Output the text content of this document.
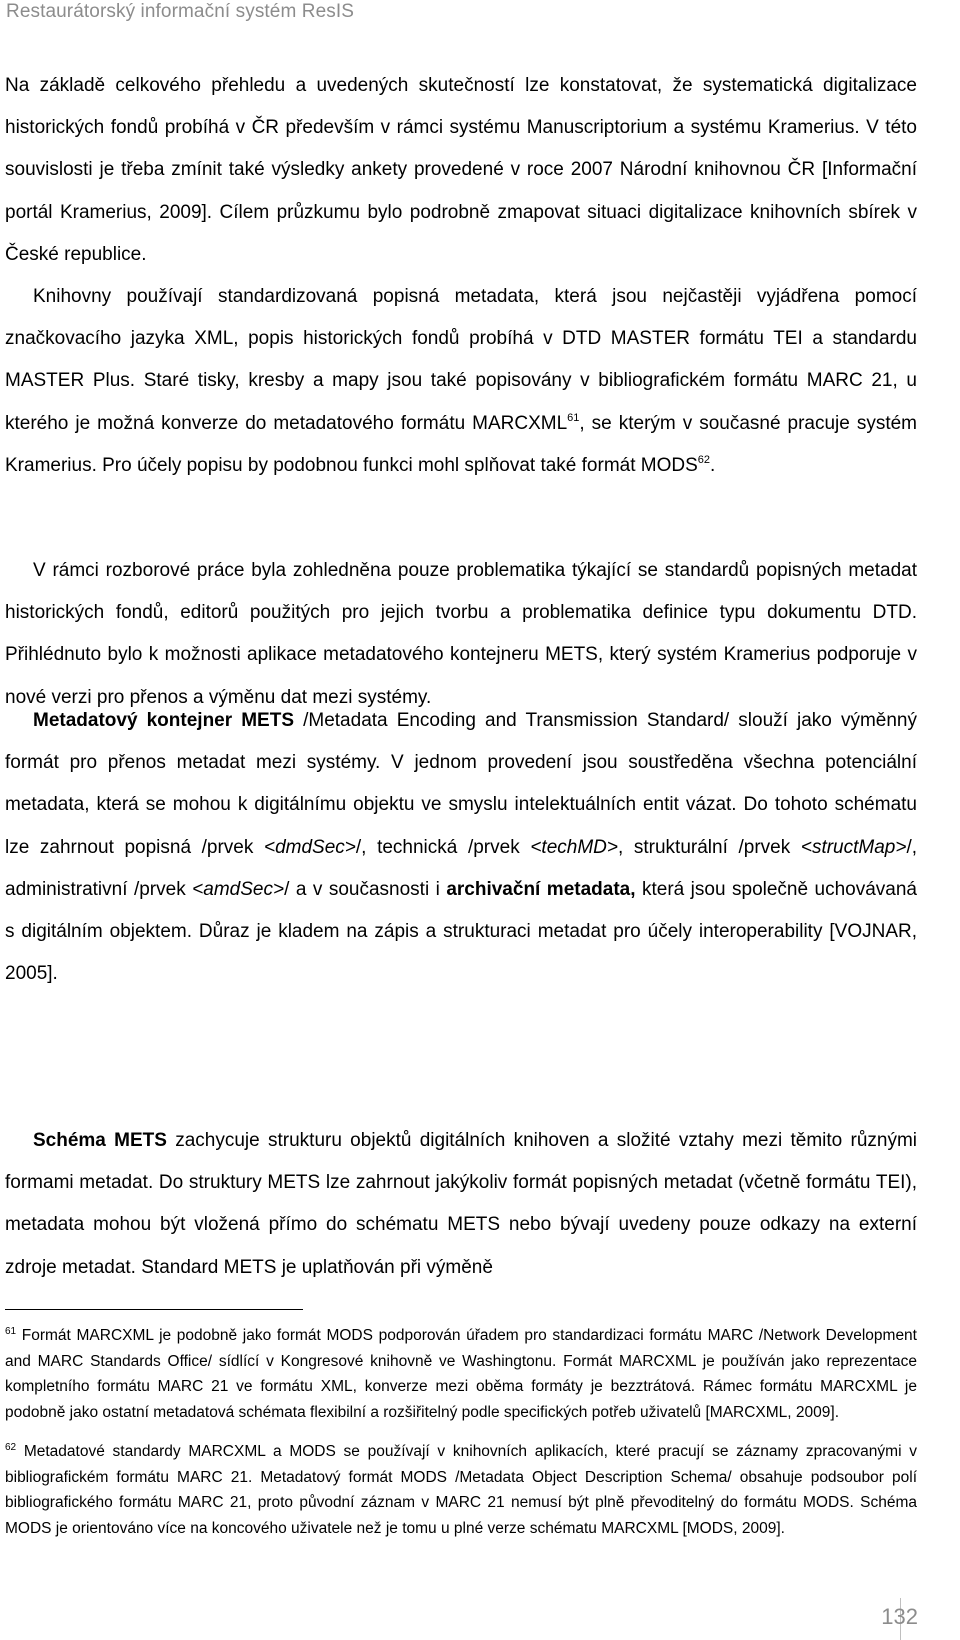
Restaurátorský informační systém ResIS

Na základě celkového přehledu a uvedených skutečností lze konstatovat, že systematická digitalizace historických fondů probíhá v ČR především v rámci systému Manuscriptorium a systému Kramerius. V této souvislosti je třeba zmínit také výsledky ankety provedené v roce 2007 Národní knihovnou ČR [Informační portál Kramerius, 2009]. Cílem průzkumu bylo podrobně zmapovat situaci digitalizace knihovních sbírek v České republice.

Knihovny používají standardizovaná popisná metadata, která jsou nejčastěji vyjádřena pomocí značkovacího jazyka XML, popis historických fondů probíhá v DTD MASTER formátu TEI a standardu MASTER Plus. Staré tisky, kresby a mapy jsou také popisovány v bibliografickém formátu MARC 21, u kterého je možná konverze do metadatového formátu MARCXML$^{61}$, se kterým v současné pracuje systém Kramerius. Pro účely popisu by podobnou funkci mohl splňovat také formát MODS$^{62}$.

V rámci rozborové práce byla zohledněna pouze problematika týkající se standardů popisných metadat historických fondů, editorů použitých pro jejich tvorbu a problematika definice typu dokumentu DTD. Přihlédnuto bylo k možnosti aplikace metadatového kontejneru METS, který systém Kramerius podporuje v nové verzi pro přenos a výměnu dat mezi systémy.

Metadatový kontejner METS /Metadata Encoding and Transmission Standard/ slouží jako výměnný formát pro přenos metadat mezi systémy. V jednom provedení jsou soustředěna všechna potenciální metadata, která se mohou k digitálnímu objektu ve smyslu intelektuálních entit vázat. Do tohoto schématu lze zahrnout popisná /prvek <dmdSec>/, technická /prvek <techMD>, strukturální /prvek <structMap>/, administrativní /prvek <amdSec>/ a v současnosti i archivační metadata, která jsou společně uchovávaná s digitálním objektem. Důraz je kladem na zápis a strukturaci metadat pro účely interoperability [VOJNAR, 2005].

Schéma METS zachycuje strukturu objektů digitálních knihoven a složité vztahy mezi těmito různými formami metadat. Do struktury METS lze zahrnout jakýkoliv formát popisných metadat (včetně formátu TEI), metadata mohou být vložená přímo do schématu METS nebo bývají uvedeny pouze odkazy na externí zdroje metadat. Standard METS je uplatňován při výměně

$^{61}$ Formát MARCXML je podobně jako formát MODS podporován úřadem pro standardizaci formátu MARC /Network Development and MARC Standards Office/ sídlící v Kongresové knihovně ve Washingtonu. Formát MARCXML je používán jako reprezentace kompletního formátu MARC 21 ve formátu XML, konverze mezi oběma formáty je bezztrátová. Rámec formátu MARCXML je podobně jako ostatní metadatová schémata flexibilní a rozšiřitelný podle specifických potřeb uživatelů [MARCXML, 2009].

$^{62}$ Metadatové standardy MARCXML a MODS se používají v knihovních aplikacích, které pracují se záznamy zpracovanými v bibliografickém formátu MARC 21. Metadatový formát MODS /Metadata Object Description Schema/ obsahuje podsoubor polí bibliografického formátu MARC 21, proto původní záznam v MARC 21 nemusí být plně převoditelný do formátu MODS. Schéma MODS je orientováno více na koncového uživatele než je tomu u plné verze schématu MARCXML [MODS, 2009].

132
